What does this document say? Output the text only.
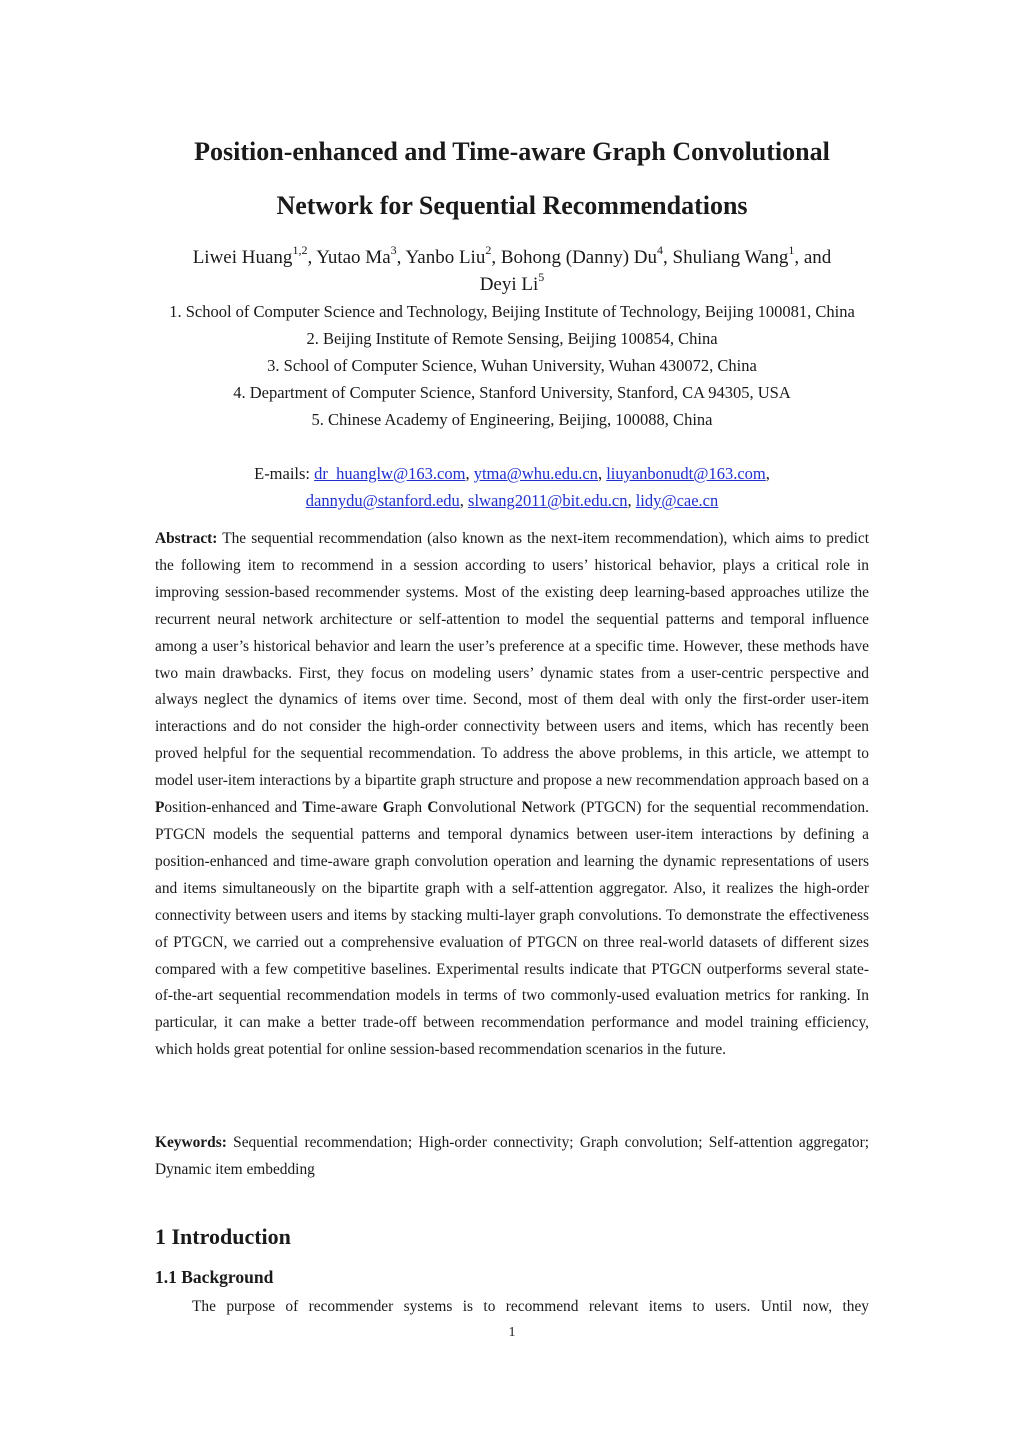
Position-enhanced and Time-aware Graph Convolutional
Network for Sequential Recommendations

Liwei Huang$^{1,2}$, Yutao Ma$^3$, Yanbo Liu$^2$, Bohong (Danny) Du$^4$, Shuliang Wang$^1$, and
Deyi Li$^5$

1. School of Computer Science and Technology, Beijing Institute of Technology, Beijing 100081, China
2. Beijing Institute of Remote Sensing, Beijing 100854, China
3. School of Computer Science, Wuhan University, Wuhan 430072, China
4. Department of Computer Science, Stanford University, Stanford, CA 94305, USA
5. Chinese Academy of Engineering, Beijing, 100088, China

E-mails: dr_huanglw@163.com, ytma@whu.edu.cn, liuyanbonudt@163.com,
dannydu@stanford.edu, slwang2011@bit.edu.cn, lidy@cae.cn

Abstract: The sequential recommendation (also known as the next-item recommendation), which aims to predict the following item to recommend in a session according to users’ historical behavior, plays a critical role in improving session-based recommender systems. Most of the existing deep learning-based approaches utilize the recurrent neural network architecture or self-attention to model the sequential patterns and temporal influence among a user’s historical behavior and learn the user’s preference at a specific time. However, these methods have two main drawbacks. First, they focus on modeling users’ dynamic states from a user-centric perspective and always neglect the dynamics of items over time. Second, most of them deal with only the first-order user-item interactions and do not consider the high-order connectivity between users and items, which has recently been proved helpful for the sequential recommendation. To address the above problems, in this article, we attempt to model user-item interactions by a bipartite graph structure and propose a new recommendation approach based on a Position-enhanced and Time-aware Graph Convolutional Network (PTGCN) for the sequential recommendation. PTGCN models the sequential patterns and temporal dynamics between user-item interactions by defining a position-enhanced and time-aware graph convolution operation and learning the dynamic representations of users and items simultaneously on the bipartite graph with a self-attention aggregator. Also, it realizes the high-order connectivity between users and items by stacking multi-layer graph convolutions. To demonstrate the effectiveness of PTGCN, we carried out a comprehensive evaluation of PTGCN on three real-world datasets of different sizes compared with a few competitive baselines. Experimental results indicate that PTGCN outperforms several state-of-the-art sequential recommendation models in terms of two commonly-used evaluation metrics for ranking. In particular, it can make a better trade-off between recommendation performance and model training efficiency, which holds great potential for online session-based recommendation scenarios in the future.

Keywords: Sequential recommendation; High-order connectivity; Graph convolution; Self-attention aggregator; Dynamic item embedding

1 Introduction
1.1 Background

The purpose of recommender systems is to recommend relevant items to users. Until now, they

1
